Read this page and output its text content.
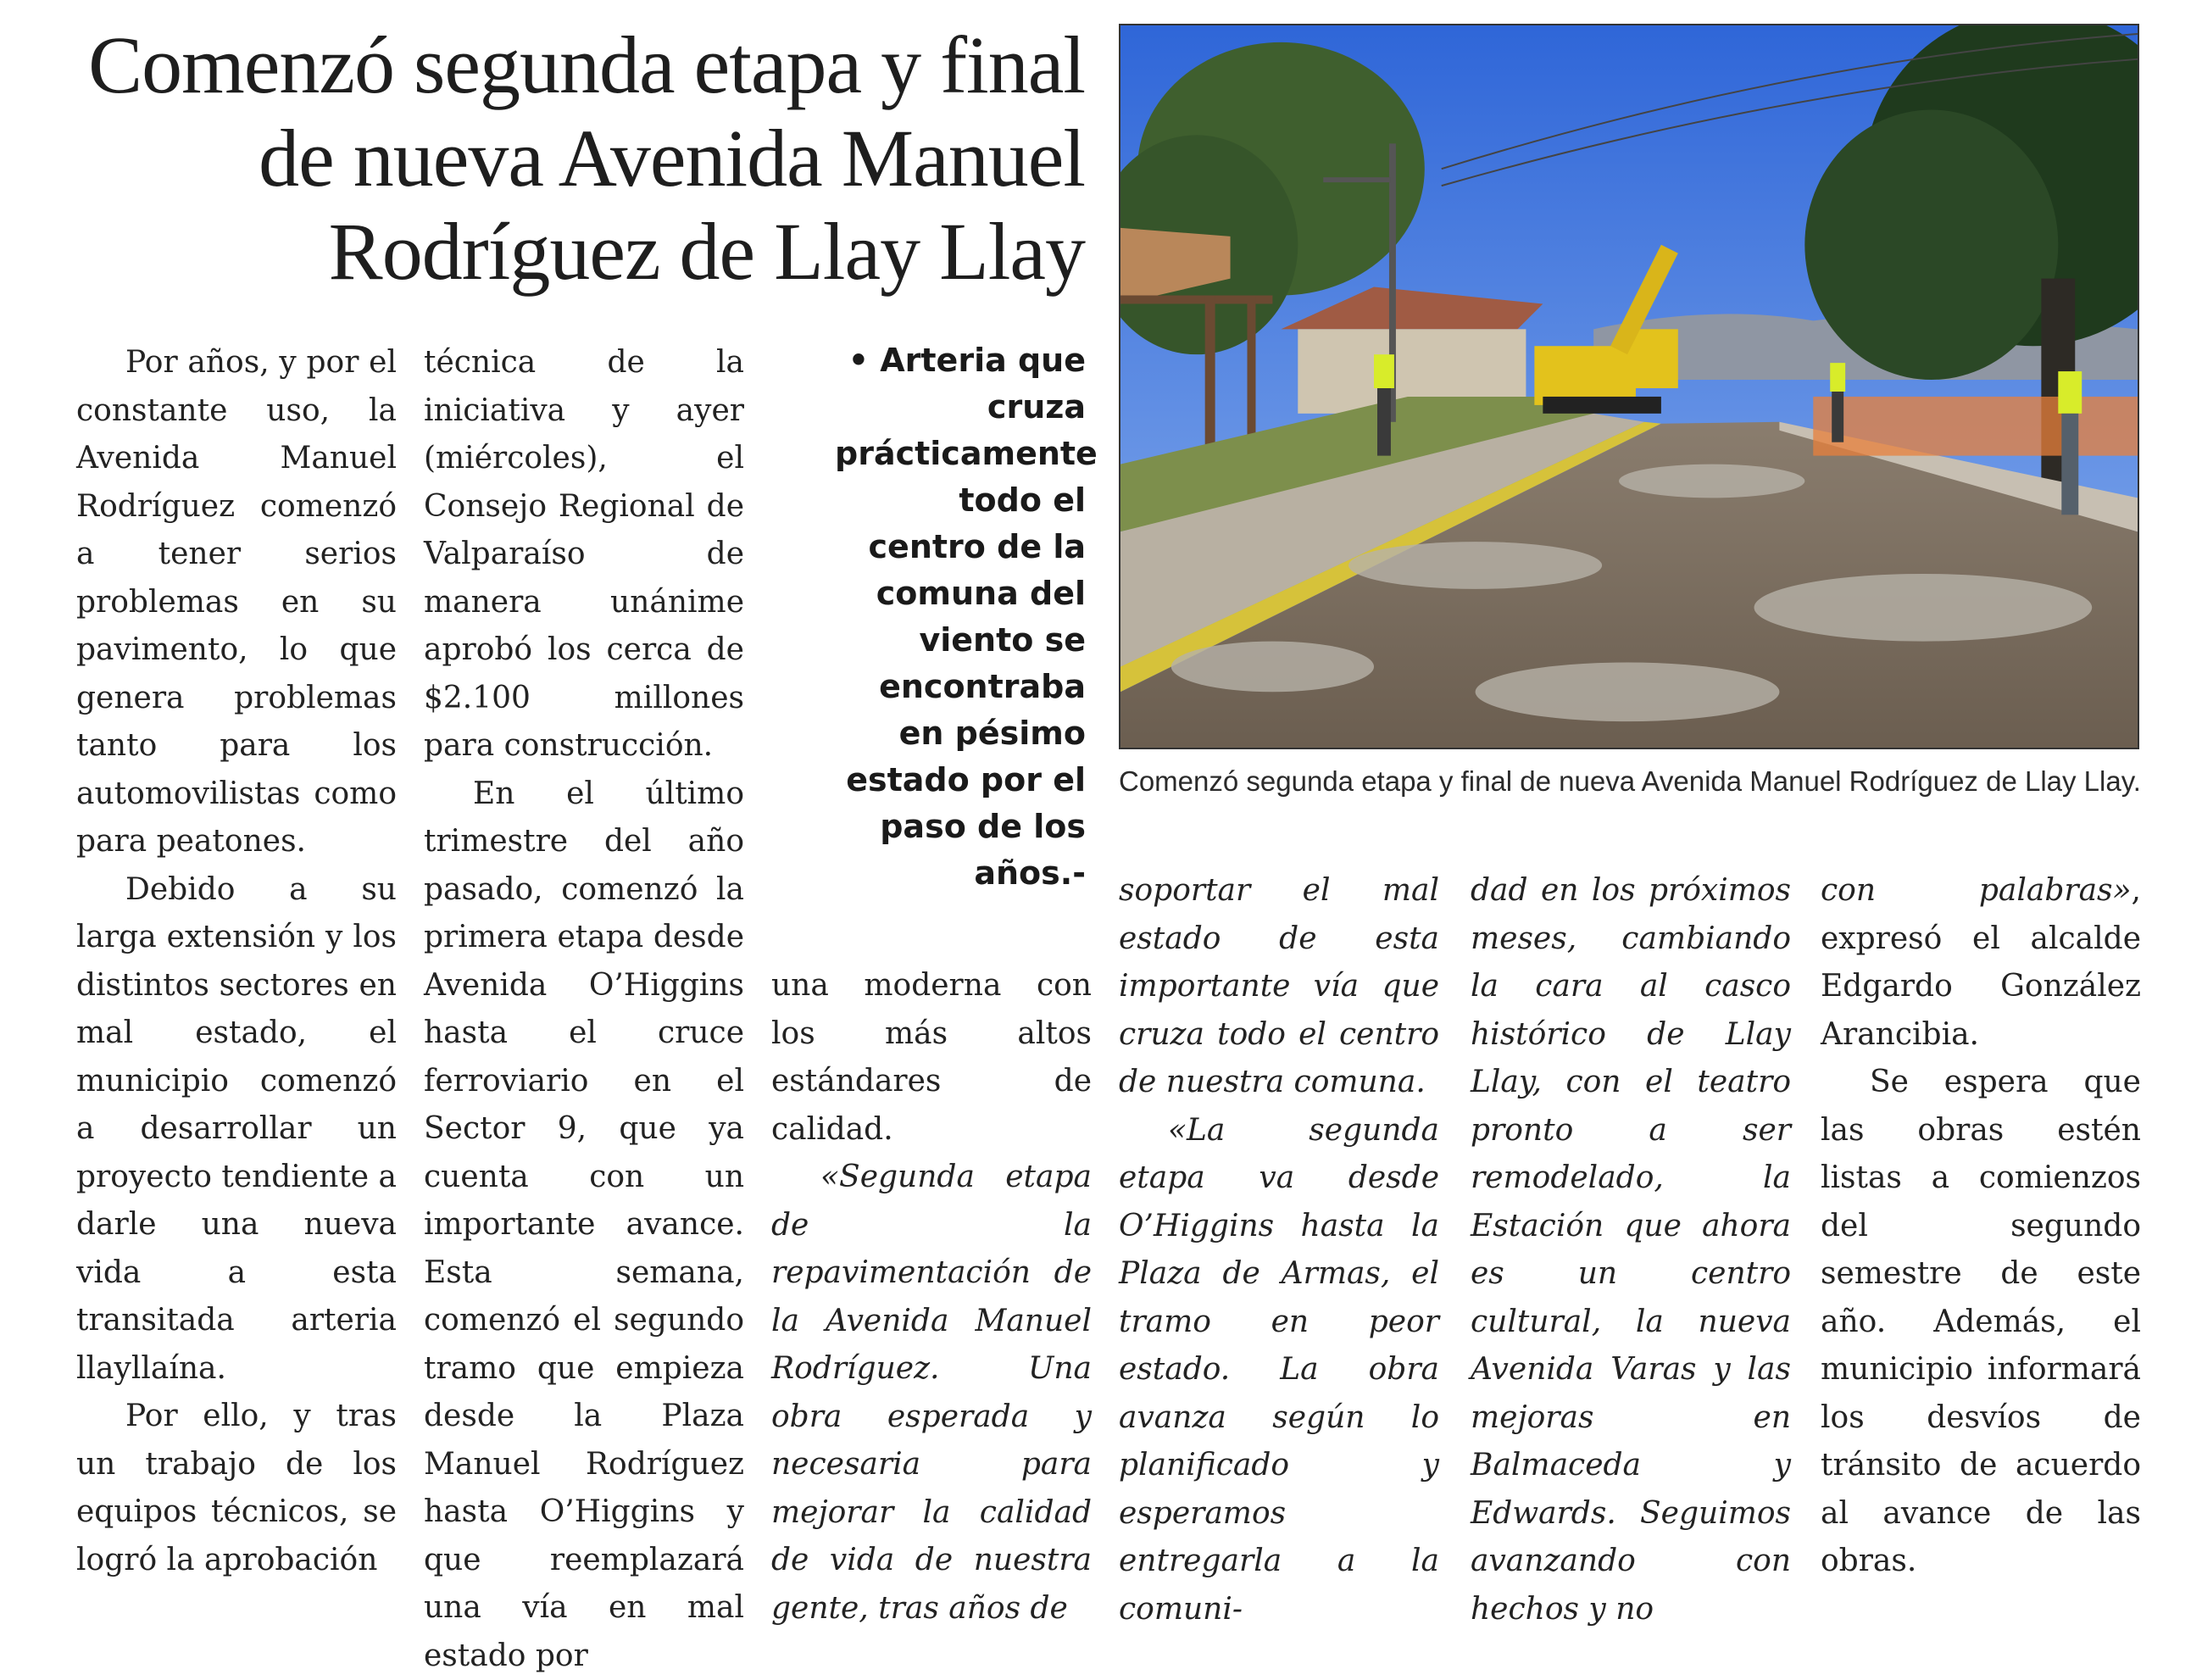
Comenzó segunda etapa y final
de nueva Avenida Manuel
Rodríguez de Llay Llay

Por años, y por el constante uso, la Avenida Manuel Rodríguez comenzó a tener serios problemas en su pavimento, lo que genera problemas tanto para los automovilistas como para peatones.

Debido a su larga extensión y los distintos sectores en mal estado, el municipio comenzó a desarrollar un proyecto tendiente a darle una nueva vida a esta transitada arteria llayllaína.

Por ello, y tras un trabajo de los equipos técnicos, se logró la aprobación

técnica de la iniciativa y ayer (miércoles), el Consejo Regional de Valparaíso de manera unánime aprobó los cerca de $2.100 millones para construcción.

En el último trimestre del año pasado, comenzó la primera etapa desde Avenida O’Higgins hasta el cruce ferroviario en el Sector 9, que ya cuenta con un importante avance. Esta semana, comenzó el segundo tramo que empieza desde la Plaza Manuel Rodríguez hasta O’Higgins y que reemplazará una vía en mal estado por

• Arteria que cruza prácticamente todo el centro de la comuna del viento se encontraba en pésimo estado por el paso de los años.-

una moderna con los más altos estándares de calidad.

«Segunda etapa de la repavimentación de la Avenida Manuel Rodríguez. Una obra esperada y necesaria para mejorar la calidad de vida de nuestra gente, tras años de

Comenzó segunda etapa y final de nueva Avenida Manuel Rodríguez de Llay Llay.

soportar el mal estado de esta importante vía que cruza todo el centro de nuestra comuna.

«La segunda etapa va desde O’Higgins hasta la Plaza de Armas, el tramo en peor estado. La obra avanza según lo planificado y esperamos entregarla a la comuni-

dad en los próximos meses, cambiando la cara al casco histórico de Llay Llay, con el teatro pronto a ser remodelado, la Estación que ahora es un centro cultural, la nueva Avenida Varas y las mejoras en Balmaceda y Edwards. Seguimos avanzando con hechos y no

con palabras», expresó el alcalde Edgardo González Arancibia.

Se espera que las obras estén listas a comienzos del segundo semestre de este año. Además, el municipio informará los desvíos de tránsito de acuerdo al avance de las obras.
